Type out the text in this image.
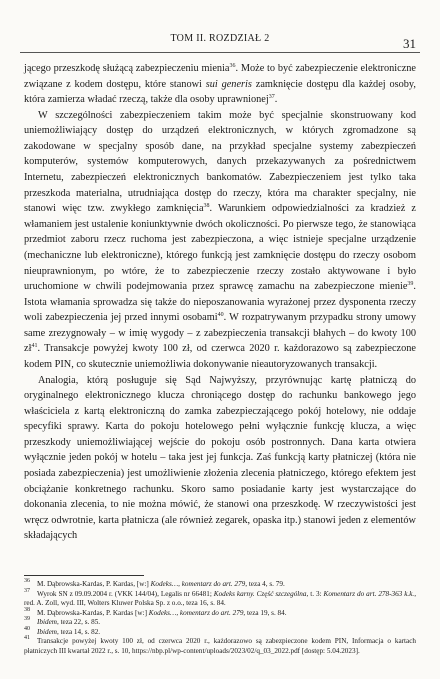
TOM II. ROZDZIAŁ 2	31

jącego przeszkodę służącą zabezpieczeniu mienia$^{36}$. Może to być zabezpieczenie elektroniczne związane z kodem dostępu, które stanowi sui generis zamknięcie dostępu dla każdej osoby, która zamierza władać rzeczą, także dla osoby uprawnionej$^{37}$.

W szczególności zabezpieczeniem takim może być specjalnie skonstruowany kod uniemożliwiający dostęp do urządzeń elektronicznych, w których zgromadzone są zakodowane w specjalny sposób dane, na przykład specjalne systemy zabezpieczeń komputerów, systemów komputerowych, danych przekazywanych za pośrednictwem Internetu, zabezpieczeń elektronicznych bankomatów. Zabezpieczeniem jest tylko taka przeszkoda materialna, utrudniająca dostęp do rzeczy, która ma charakter specjalny, nie stanowi więc tzw. zwykłego zamknięcia$^{38}$. Warunkiem odpowiedzialności za kradzież z włamaniem jest ustalenie koniunktywnie dwóch okoliczności. Po pierwsze tego, że stanowiąca przedmiot zaboru rzecz ruchoma jest zabezpieczona, a więc istnieje specjalne urządzenie (mechaniczne lub elektroniczne), którego funkcją jest zamknięcie dostępu do rzeczy osobom nieuprawnionym, po wtóre, że to zabezpieczenie rzeczy zostało aktywowane i było uruchomione w chwili podejmowania przez sprawcę zamachu na zabezpieczone mienie$^{39}$. Istota włamania sprowadza się także do nieposzanowania wyrażonej przez dysponenta rzeczy woli zabezpieczenia jej przed innymi osobami$^{40}$. W rozpatrywanym przypadku strony umowy same zrezygnowały – w imię wygody – z zabezpieczenia transakcji błahych – do kwoty 100 $zł^{41}$. Transakcje powyżej kwoty 100 zł, od czerwca 2020 r. każdorazowo są zabezpieczone kodem PIN, co skutecznie uniemożliwia dokonywanie nieautoryzowanych transakcji.

Analogia, którą posługuje się Sąd Najwyższy, przyrównując kartę płatniczą do oryginalnego elektronicznego klucza chroniącego dostęp do rachunku bankowego jego właściciela z kartą elektroniczną do zamka zabezpieczającego pokój hotelowy, nie oddaje specyfiki sprawy. Karta do pokoju hotelowego pełni wyłącznie funkcję klucza, a więc przeszkody uniemożliwiającej wejście do pokoju osób postronnych. Dana karta otwiera wyłącznie jeden pokój w hotelu – taka jest jej funkcja. Zaś funkcją karty płatniczej (która nie posiada zabezpieczenia) jest umożliwienie złożenia zlecenia płatniczego, którego efektem jest obciążanie konkretnego rachunku. Skoro samo posiadanie karty jest wystarczające do dokonania zlecenia, to nie można mówić, że stanowi ona przeszkodę. W rzeczywistości jest wręcz odwrotnie, karta płatnicza (ale również zegarek, opaska itp.) stanowi jeden z elementów składających

$^{36}$ M. Dąbrowska-Kardas, P. Kardas, [w:] Kodeks…, komentarz do art. 279, teza 4, s. 79.
$^{37}$ Wyrok SN z 09.09.2004 r. (VKK 144/04), Legalis nr 66481; Kodeks karny. Część szczególna, t. 3: Komentarz do art. 278-363 k.k., red. A. Zoll, wyd. III, Wolters Kluwer Polska Sp. z o.o., teza 16, s. 84.
$^{38}$ M. Dąbrowska-Kardas, P. Kardas [w:] Kodeks…, komentarz do art. 279, teza 19, s. 84.
$^{39}$ Ibidem, teza 22, s. 85.
$^{40}$ Ibidem, teza 14, s. 82.
$^{41}$ Transakcje powyżej kwoty 100 zł, od czerwca 2020 r., każdorazowo są zabezpieczone kodem PIN, Informacja o kartach płatniczych III kwartał 2022 r., s. 10, https://nbp.pl/wp-content/uploads/2023/02/q_03_2022.pdf [dostęp: 5.04.2023].
